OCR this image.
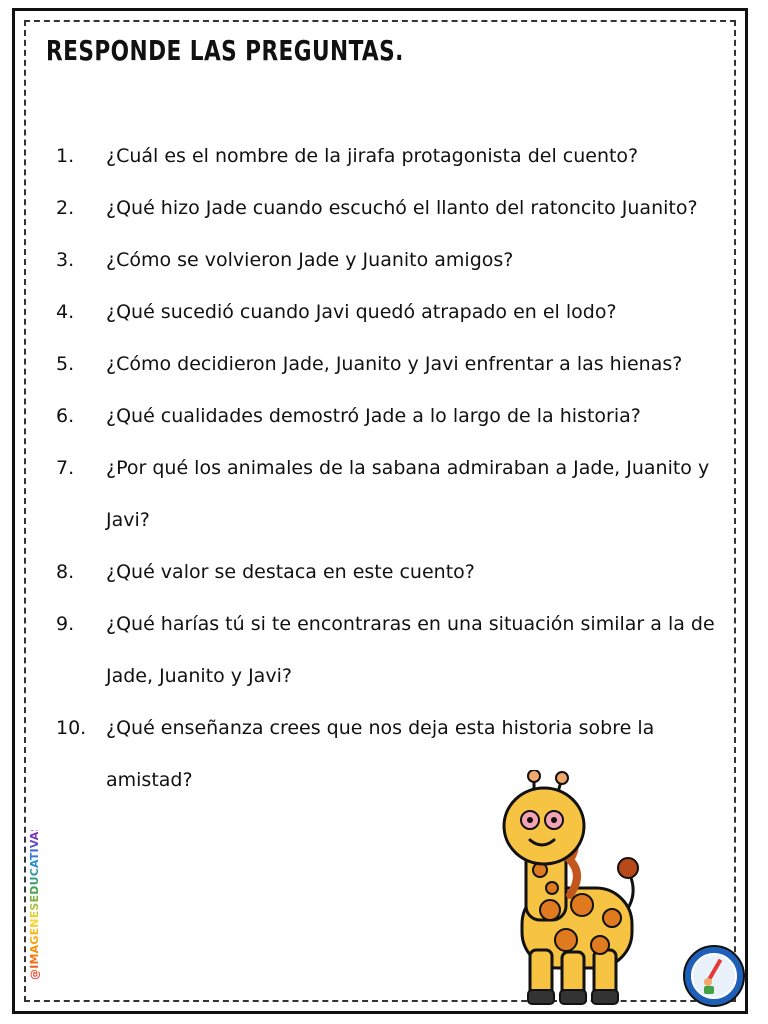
RESPONDE LAS PREGUNTAS.
1.	¿Cuál es el nombre de la jirafa protagonista del cuento?
2.	¿Qué hizo Jade cuando escuchó el llanto del ratoncito Juanito?
3.	¿Cómo se volvieron Jade y Juanito amigos?
4.	¿Qué sucedió cuando Javi quedó atrapado en el lodo?
5.	¿Cómo decidieron Jade, Juanito y Javi enfrentar a las hienas?
6.	¿Qué cualidades demostró Jade a lo largo de la historia?
7.	¿Por qué los animales de la sabana admiraban a Jade, Juanito y Javi?
8.	¿Qué valor se destaca en este cuento?
9.	¿Qué harías tú si te encontraras en una situación similar a la de Jade, Juanito y Javi?
10.	¿Qué enseñanza crees que nos deja esta historia sobre la amistad?
@IMAGENESEDUCATIVAS2.0
